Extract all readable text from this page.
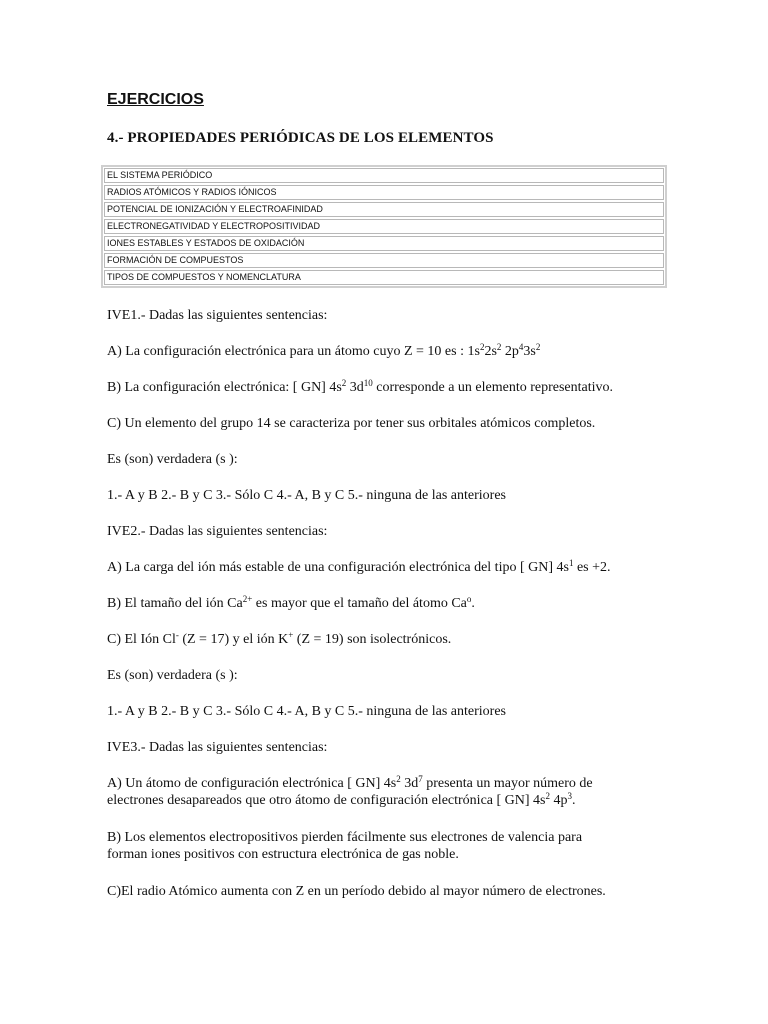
EJERCICIOS
4.- PROPIEDADES PERIÓDICAS DE LOS ELEMENTOS
EL SISTEMA PERIÓDICO
RADIOS ATÓMICOS Y RADIOS IÓNICOS
POTENCIAL DE IONIZACIÓN Y ELECTROAFINIDAD
ELECTRONEGATIVIDAD Y ELECTROPOSITIVIDAD
IONES ESTABLES Y ESTADOS DE OXIDACIÓN
FORMACIÓN DE COMPUESTOS
TIPOS DE COMPUESTOS Y NOMENCLATURA

IVE1.- Dadas las siguientes sentencias:

A) La configuración electrónica para un átomo cuyo Z = 10 es : $1s^22s^2$ $2p^43s^2$

B) La configuración electrónica: [ GN] $4s^2$ $3d^{10}$ corresponde a un elemento representativo.

C) Un elemento del grupo 14 se caracteriza por tener sus orbitales atómicos completos.

Es (son) verdadera (s ):

1.- A y B 2.- B y C 3.- Sólo C 4.- A, B y C 5.- ninguna de las anteriores

IVE2.- Dadas las siguientes sentencias:

A) La carga del ión más estable de una configuración electrónica del tipo [ GN] $4s^1$ es +2.

B) El tamaño del ión $Ca^{2+}$ es mayor que el tamaño del átomo Ca$^o$.

C) El Ión Cl- (Z = 17) y el ión K+ (Z = 19) son isolectrónicos.

Es (son) verdadera (s ):

1.- A y B 2.- B y C 3.- Sólo C 4.- A, B y C 5.- ninguna de las anteriores

IVE3.- Dadas las siguientes sentencias:

A) Un átomo de configuración electrónica [ GN] $4s^2$ $3d^7$ presenta un mayor número de

electrones desapareados que otro átomo de configuración electrónica [ GN] $4s^2$ $4p^3$.

B) Los elementos electropositivos pierden fácilmente sus electrones de valencia para

forman iones positivos con estructura electrónica de gas noble.

C)El radio Atómico aumenta con Z en un período debido al mayor número de electrones.
